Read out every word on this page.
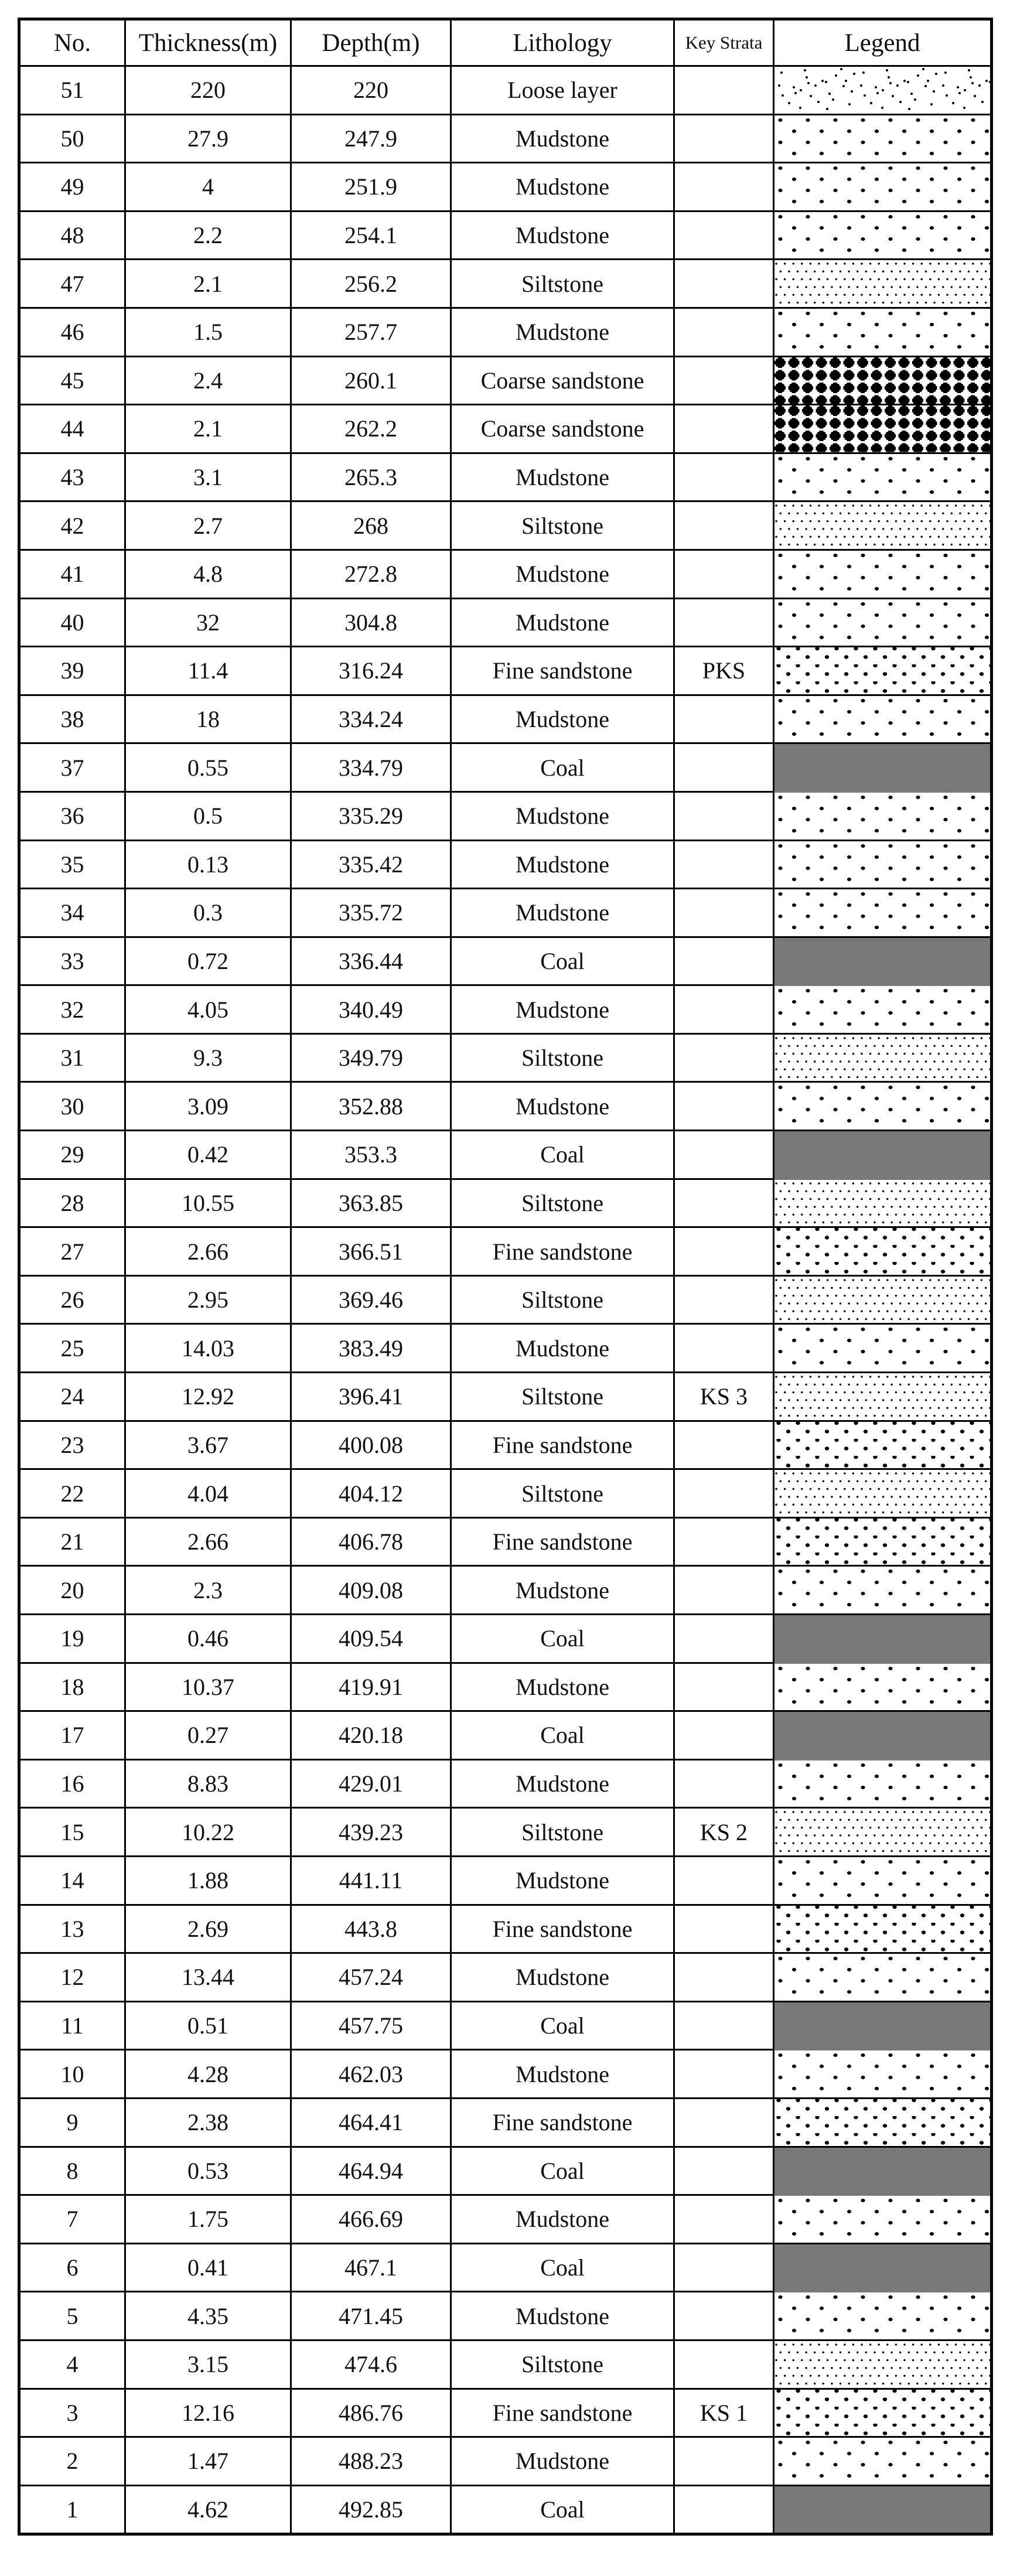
No.	Thickness(m)	Depth(m)	Lithology	Key Strata	Legend
51	220	220	Loose layer		

50	27.9	247.9	Mudstone		

49	4	251.9	Mudstone		

48	2.2	254.1	Mudstone		

47	2.1	256.2	Siltstone		

46	1.5	257.7	Mudstone		

45	2.4	260.1	Coarse sandstone		

44	2.1	262.2	Coarse sandstone		

43	3.1	265.3	Mudstone		

42	2.7	268	Siltstone		

41	4.8	272.8	Mudstone		

40	32	304.8	Mudstone		

39	11.4	316.24	Fine sandstone	PKS	

38	18	334.24	Mudstone		

37	0.55	334.79	Coal		
36	0.5	335.29	Mudstone		

35	0.13	335.42	Mudstone		

34	0.3	335.72	Mudstone		

33	0.72	336.44	Coal		
32	4.05	340.49	Mudstone		

31	9.3	349.79	Siltstone		

30	3.09	352.88	Mudstone		

29	0.42	353.3	Coal		
28	10.55	363.85	Siltstone		

27	2.66	366.51	Fine sandstone		

26	2.95	369.46	Siltstone		

25	14.03	383.49	Mudstone		

24	12.92	396.41	Siltstone	KS 3	

23	3.67	400.08	Fine sandstone		

22	4.04	404.12	Siltstone		

21	2.66	406.78	Fine sandstone		

20	2.3	409.08	Mudstone		

19	0.46	409.54	Coal		
18	10.37	419.91	Mudstone		

17	0.27	420.18	Coal		
16	8.83	429.01	Mudstone		

15	10.22	439.23	Siltstone	KS 2	

14	1.88	441.11	Mudstone		

13	2.69	443.8	Fine sandstone		

12	13.44	457.24	Mudstone		

11	0.51	457.75	Coal		
10	4.28	462.03	Mudstone		

9	2.38	464.41	Fine sandstone		

8	0.53	464.94	Coal		
7	1.75	466.69	Mudstone		

6	0.41	467.1	Coal		
5	4.35	471.45	Mudstone		

4	3.15	474.6	Siltstone		

3	12.16	486.76	Fine sandstone	KS 1	

2	1.47	488.23	Mudstone		

1	4.62	492.85	Coal		
